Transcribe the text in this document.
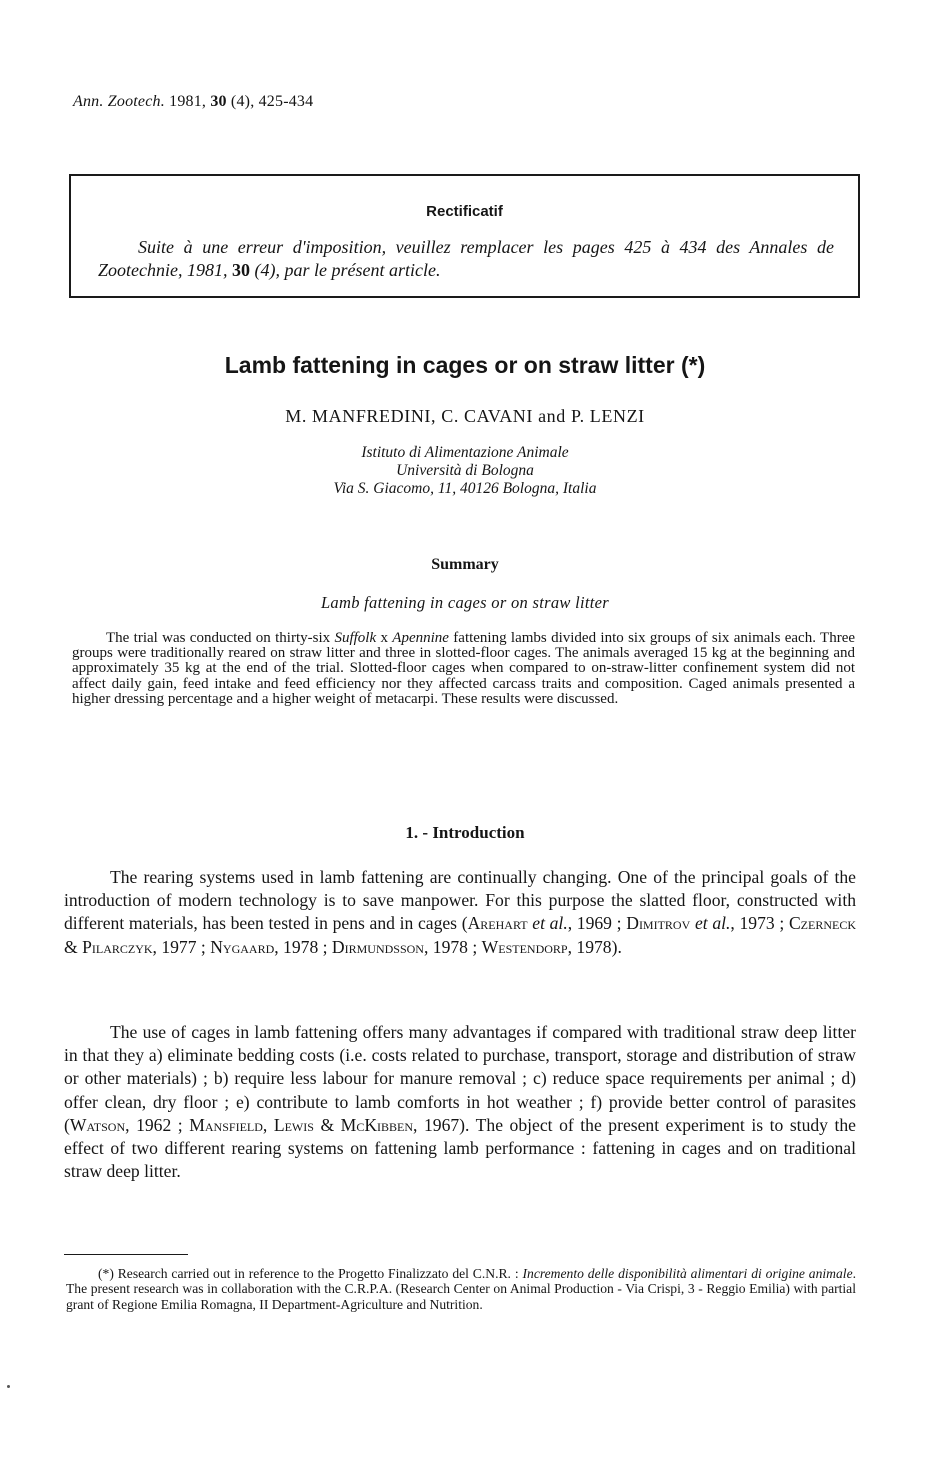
Ann. Zootech. 1981, 30 (4), 425-434
Rectificatif
Suite à une erreur d'imposition, veuillez remplacer les pages 425 à 434 des Annales de Zootechnie, 1981, 30 (4), par le présent article.
Lamb fattening in cages or on straw litter (*)
M. MANFREDINI, C. CAVANI and P. LENZI
Istituto di Alimentazione Animale
Università di Bologna
Via S. Giacomo, 11, 40126 Bologna, Italia
Summary
Lamb fattening in cages or on straw litter
The trial was conducted on thirty-six Suffolk x Apennine fattening lambs divided into six groups of six animals each. Three groups were traditionally reared on straw litter and three in slotted-floor cages. The animals averaged 15 kg at the beginning and approximately 35 kg at the end of the trial. Slotted-floor cages when compared to on-straw-litter confinement system did not affect daily gain, feed intake and feed efficiency nor they affected carcass traits and composition. Caged animals presented a higher dressing percentage and a higher weight of metacarpi. These results were discussed.
1. - Introduction
The rearing systems used in lamb fattening are continually changing. One of the principal goals of the introduction of modern technology is to save manpower. For this purpose the slatted floor, constructed with different materials, has been tested in pens and in cages (Arehart et al., 1969 ; Dimitrov et al., 1973 ; Czerneck & Pilarczyk, 1977 ; Nygaard, 1978 ; Dirmundsson, 1978 ; Westendorp, 1978).
The use of cages in lamb fattening offers many advantages if compared with traditional straw deep litter in that they a) eliminate bedding costs (i.e. costs related to purchase, transport, storage and distribution of straw or other materials) ; b) require less labour for manure removal ; c) reduce space requirements per animal ; d) offer clean, dry floor ; e) contribute to lamb comforts in hot weather ; f) provide better control of parasites (Watson, 1962 ; Mansfield, Lewis & McKibben, 1967). The object of the present experiment is to study the effect of two different rearing systems on fattening lamb performance : fattening in cages and on traditional straw deep litter.
(*) Research carried out in reference to the Progetto Finalizzato del C.N.R. : Incremento delle disponibilità alimentari di origine animale. The present research was in collaboration with the C.R.P.A. (Research Center on Animal Production - Via Crispi, 3 - Reggio Emilia) with partial grant of Regione Emilia Romagna, II Department-Agriculture and Nutrition.
